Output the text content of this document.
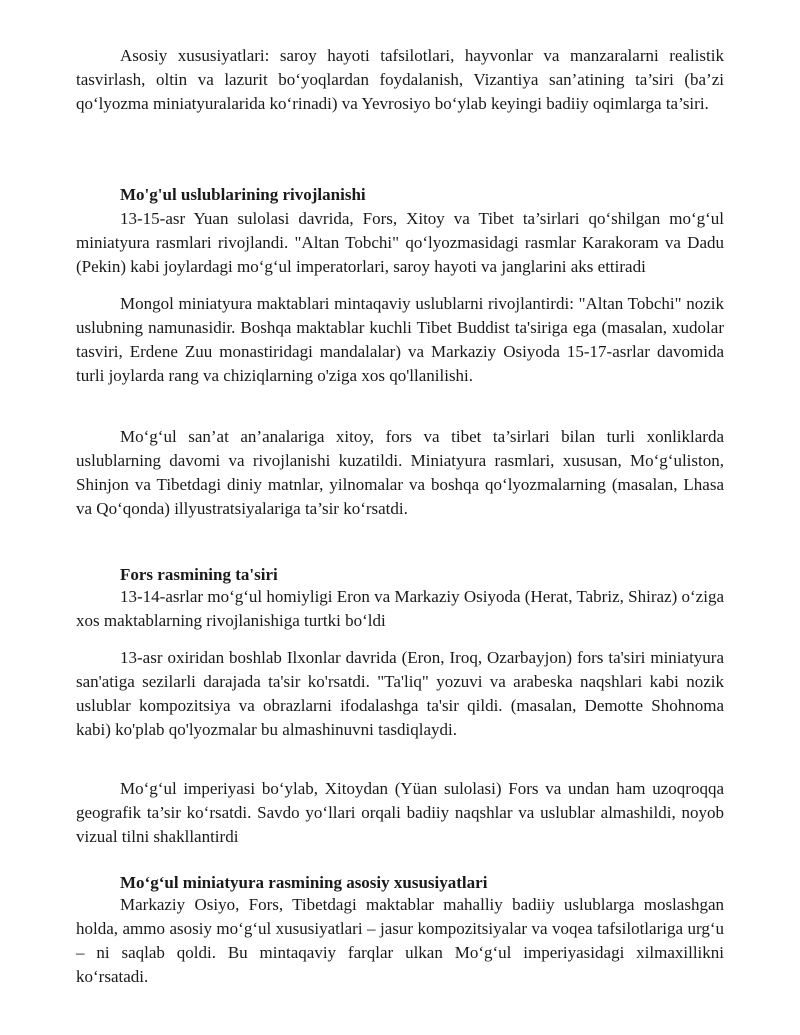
Asosiy xususiyatlari: saroy hayoti tafsilotlari, hayvonlar va manzaralarni realistik tasvirlash, oltin va lazurit bo‘yoqlardan foydalanish, Vizantiya san’atining ta’siri (ba’zi qo‘lyozma miniatyuralarida ko‘rinadi) va Yevrosiyo bo‘ylab keyingi badiiy oqimlarga ta’siri.

Mo'g'ul uslublarining rivojlanishi

13-15-asr Yuan sulolasi davrida, Fors, Xitoy va Tibet ta’sirlari qo‘shilgan mo‘g‘ul miniatyura rasmlari rivojlandi. "Altan Tobchi" qo‘lyozmasidagi rasmlar Karakoram va Dadu (Pekin) kabi joylardagi mo‘g‘ul imperatorlari, saroy hayoti va janglarini aks ettiradi

Mongol miniatyura maktablari mintaqaviy uslublarni rivojlantirdi: "Altan Tobchi" nozik uslubning namunasidir. Boshqa maktablar kuchli Tibet Buddist ta'siriga ega (masalan, xudolar tasviri, Erdene Zuu monastiridagi mandalalar) va Markaziy Osiyoda 15-17-asrlar davomida turli joylarda rang va chiziqlarning o'ziga xos qo'llanilishi.

Mo‘g‘ul san’at an’analariga xitoy, fors va tibet ta’sirlari bilan turli xonliklarda uslublarning davomi va rivojlanishi kuzatildi. Miniatyura rasmlari, xususan, Mo‘g‘uliston, Shinjon va Tibetdagi diniy matnlar, yilnomalar va boshqa qo‘lyozmalarning (masalan, Lhasa va Qo‘qonda) illyustratsiyalariga ta’sir ko‘rsatdi.

Fors rasmining ta'siri

13-14-asrlar mo‘g‘ul homiyligi Eron va Markaziy Osiyoda (Herat, Tabriz, Shiraz) o‘ziga xos maktablarning rivojlanishiga turtki bo‘ldi

13-asr oxiridan boshlab Ilxonlar davrida (Eron, Iroq, Ozarbayjon) fors ta'siri miniatyura san'atiga sezilarli darajada ta'sir ko'rsatdi. "Ta'liq" yozuvi va arabeska naqshlari kabi nozik uslublar kompozitsiya va obrazlarni ifodalashga ta'sir qildi. (masalan, Demotte Shohnoma kabi) ko'plab qo'lyozmalar bu almashinuvni tasdiqlaydi.

Mo‘g‘ul imperiyasi bo‘ylab, Xitoydan (Yüan sulolasi) Fors va undan ham uzoqroqqa geografik ta’sir ko‘rsatdi. Savdo yo‘llari orqali badiiy naqshlar va uslublar almashildi, noyob vizual tilni shakllantirdi

Mo‘g‘ul miniatyura rasmining asosiy xususiyatlari

Markaziy Osiyo, Fors, Tibetdagi maktablar mahalliy badiiy uslublarga moslashgan holda, ammo asosiy mo‘g‘ul xususiyatlari – jasur kompozitsiyalar va voqea tafsilotlariga urg‘u – ni saqlab qoldi. Bu mintaqaviy farqlar ulkan Mo‘g‘ul imperiyasidagi xilmaxillikni ko‘rsatadi.
